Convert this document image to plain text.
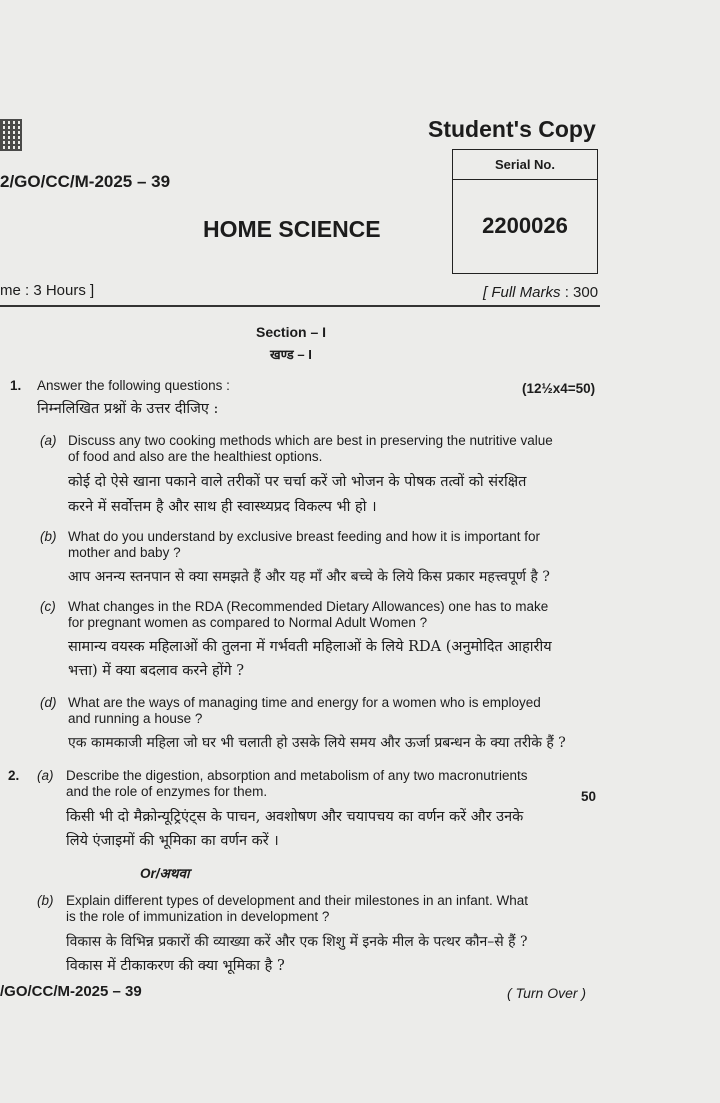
Student's Copy
Serial No.
2200026
2/GO/CC/M-2025 – 39
HOME SCIENCE
me : 3 Hours ]	[ Full Marks : 300
Section – I
खण्ड – I
1. Answer the following questions :	(12½x4=50)
निम्नलिखित प्रश्नों के उत्तर दीजिए :
(a) Discuss any two cooking methods which are best in preserving the nutritive value
of food and also are the healthiest options.
कोई दो ऐसे खाना पकाने वाले तरीकों पर चर्चा करें जो भोजन के पोषक तत्वों को संरक्षित
करने में सर्वोत्तम है और साथ ही स्वास्थ्यप्रद विकल्प भी हो ।
(b) What do you understand by exclusive breast feeding and how it is important for
mother and baby ?
आप अनन्य स्तनपान से क्या समझते हैं और यह माँ और बच्चे के लिये किस प्रकार महत्त्वपूर्ण है ?
(c) What changes in the RDA (Recommended Dietary Allowances) one has to make
for pregnant women as compared to Normal Adult Women ?
सामान्य वयस्क महिलाओं की तुलना में गर्भवती महिलाओं के लिये RDA (अनुमोदित आहारीय
भत्ता) में क्या बदलाव करने होंगे ?
(d) What are the ways of managing time and energy for a women who is employed
and running a house ?
एक कामकाजी महिला जो घर भी चलाती हो उसके लिये समय और ऊर्जा प्रबन्धन के क्या तरीके हैं ?
2. (a) Describe the digestion, absorption and metabolism of any two macronutrients
and the role of enzymes for them.	50
किसी भी दो मैक्रोन्यूट्रिएंट्स के पाचन, अवशोषण और चयापचय का वर्णन करें और उनके
लिये एंजाइमों की भूमिका का वर्णन करें ।
Or/अथवा
(b) Explain different types of development and their milestones in an infant. What
is the role of immunization in development ?
विकास के विभिन्न प्रकारों की व्याख्या करें और एक शिशु में इनके मील के पत्थर कौन–से हैं ?
विकास में टीकाकरण की क्या भूमिका है ?
/GO/CC/M-2025 – 39	( Turn Over )
